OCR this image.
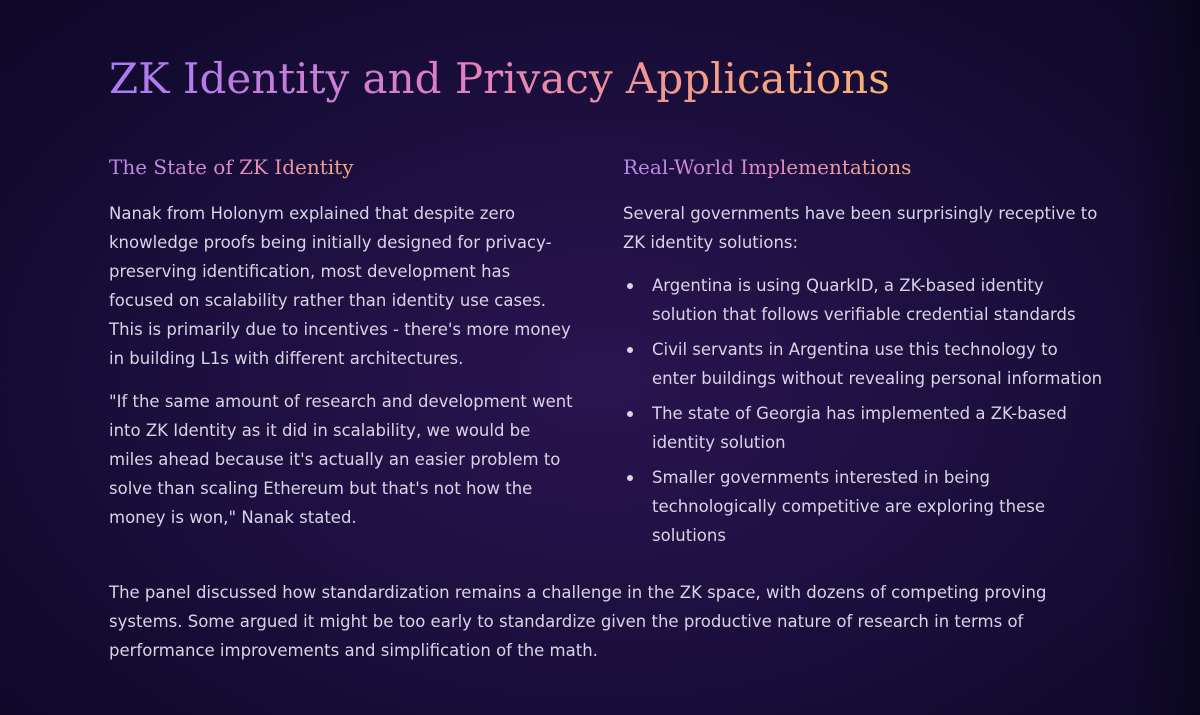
ZK Identity and Privacy Applications
The State of ZK Identity

Nanak from Holonym explained that despite zero knowledge proofs being initially designed for privacy-preserving identification, most development has focused on scalability rather than identity use cases. This is primarily due to incentives - there's more money in building L1s with different architectures.

"If the same amount of research and development went into ZK Identity as it did in scalability, we would be miles ahead because it's actually an easier problem to solve than scaling Ethereum but that's not how the money is won," Nanak stated.

Real-World Implementations

Several governments have been surprisingly receptive to ZK identity solutions:

Argentina is using QuarkID, a ZK-based identity solution that follows verifiable credential standards
Civil servants in Argentina use this technology to enter buildings without revealing personal information
The state of Georgia has implemented a ZK-based identity solution
Smaller governments interested in being technologically competitive are exploring these solutions

The panel discussed how standardization remains a challenge in the ZK space, with dozens of competing proving systems. Some argued it might be too early to standardize given the productive nature of research in terms of performance improvements and simplification of the math.
